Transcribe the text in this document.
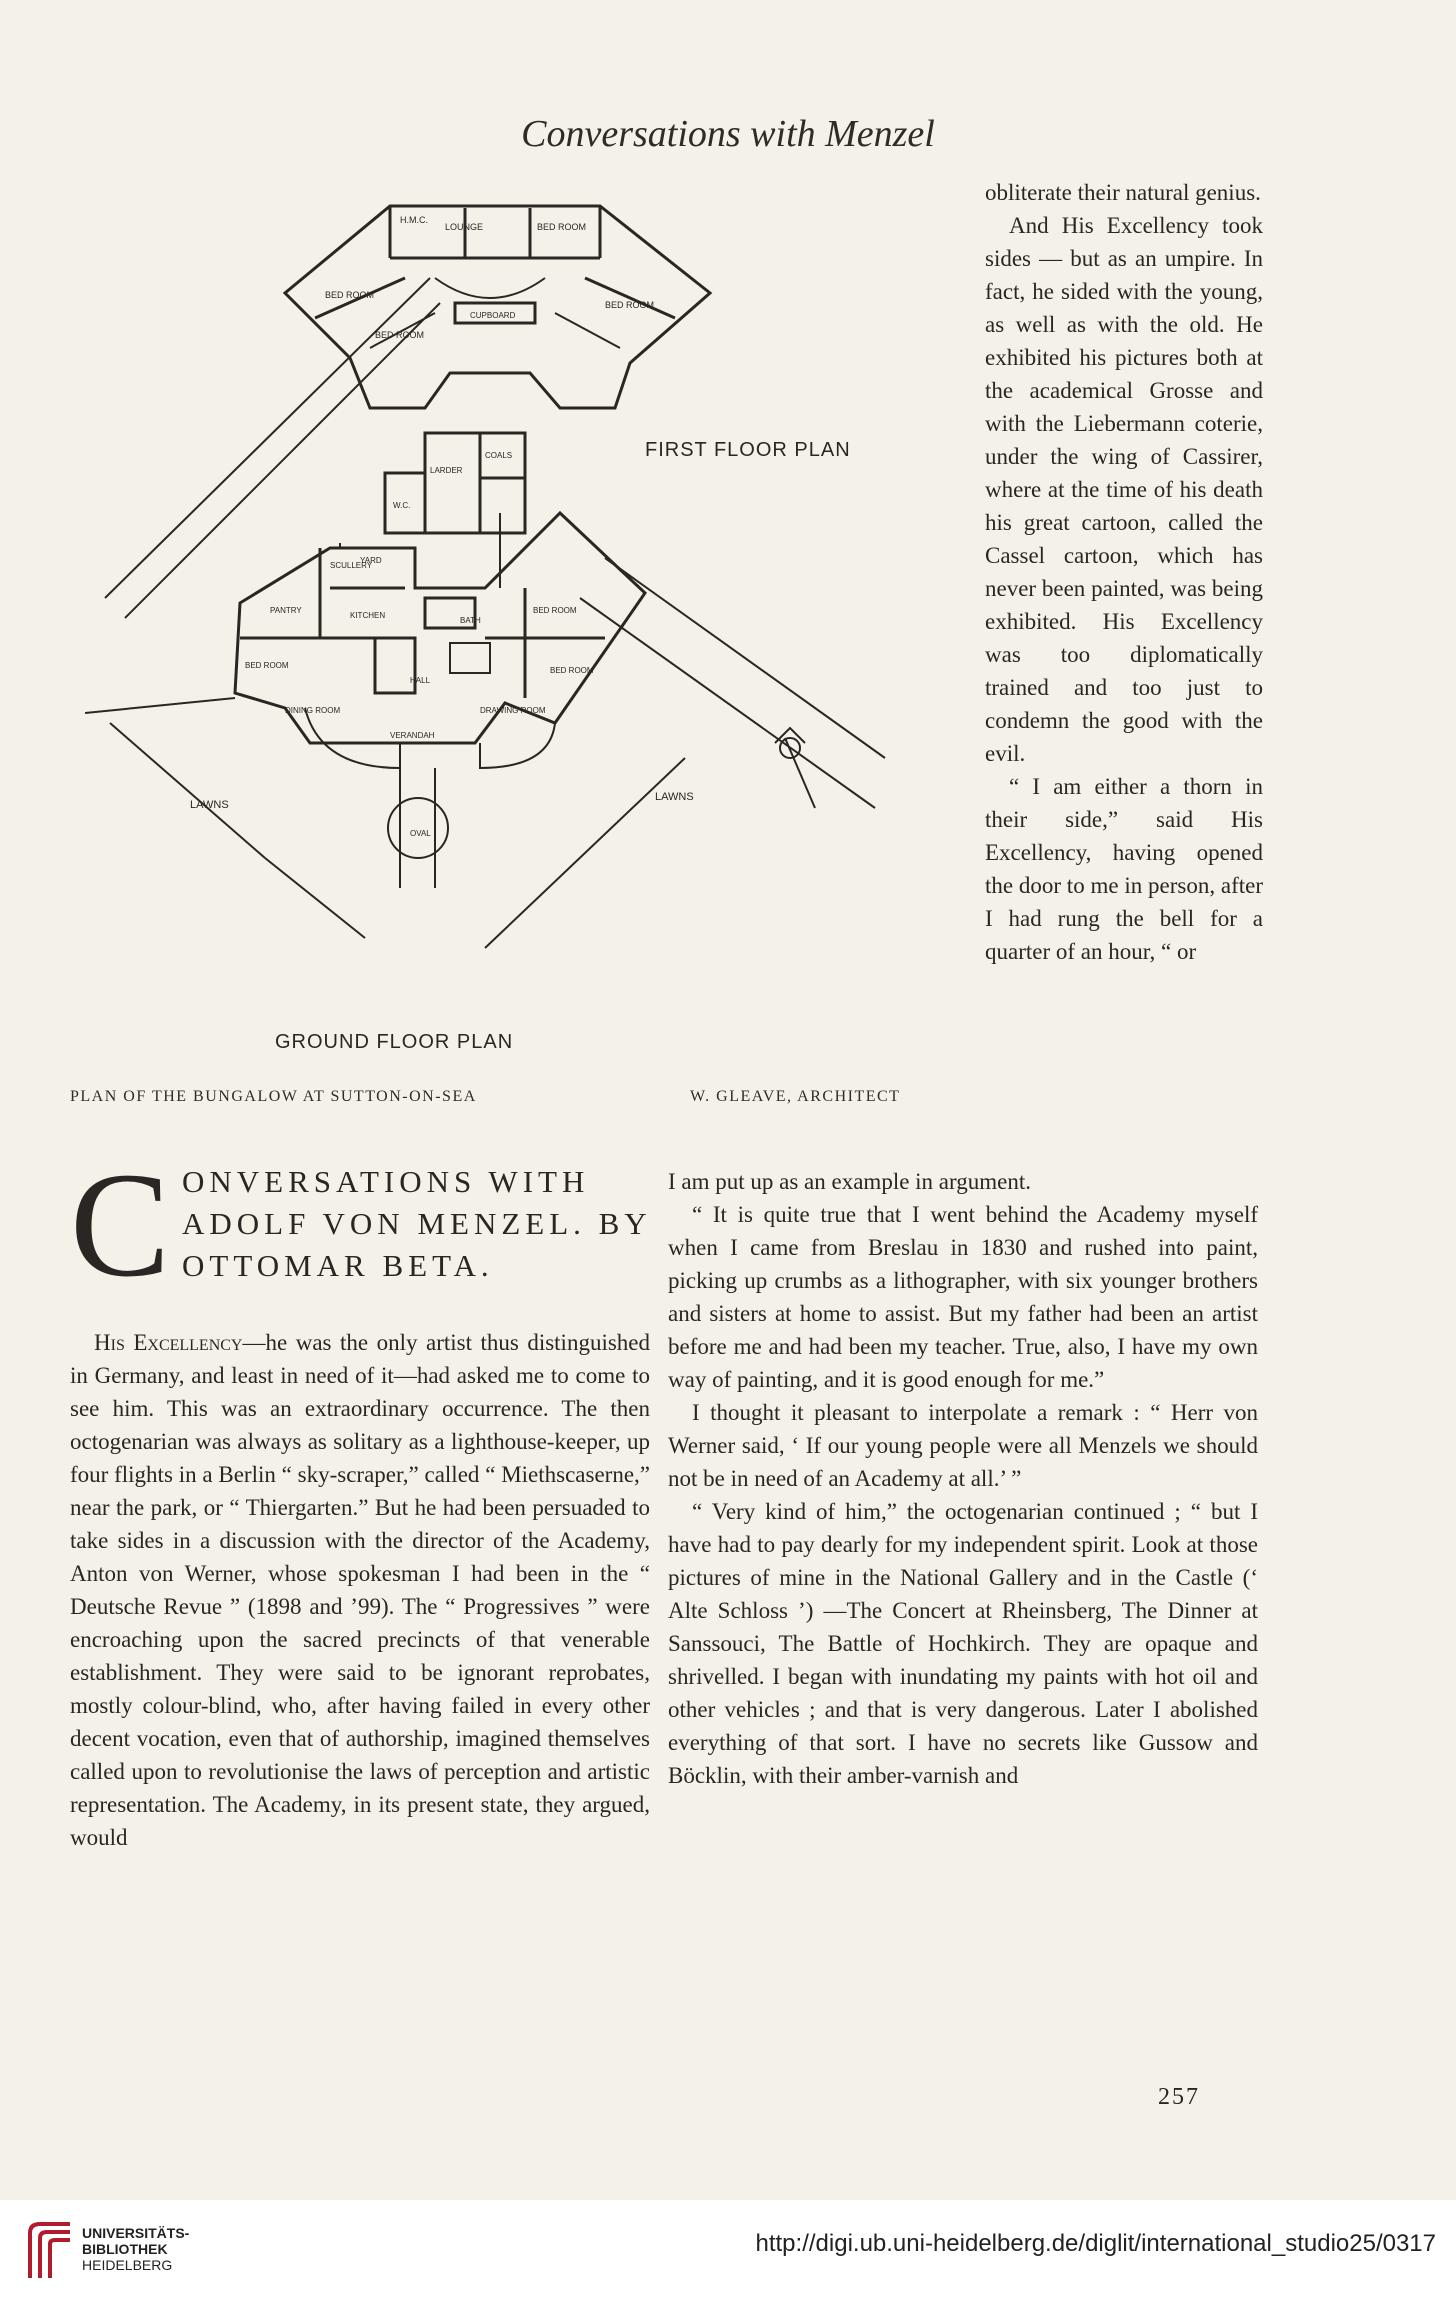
Conversations with Menzel
LOUNGE
H.M.C.
BED ROOM
BED ROOM
BED ROOM
BED ROOM
CUPBOARD
FIRST FLOOR PLAN
LARDER
COALS
W.C.
YARD
SCULLERY
PANTRY
KITCHEN
BATH
BED ROOM
BED ROOM
BED ROOM
HALL
DINING ROOM	DRAWING ROOM
VERANDAH
OVAL
LAWNS
LAWNS
GROUND FLOOR PLAN
PLAN OF THE BUNGALOW AT SUTTON-ON-SEA	W. GLEAVE, ARCHITECT

obliterate their natural genius.

And His Excellency took sides — but as an umpire. In fact, he sided with the young, as well as with the old. He exhibited his pictures both at the academical Grosse and with the Liebermann coterie, under the wing of Cassirer, where at the time of his death his great cartoon, called the Cassel cartoon, which has never been painted, was being exhibited. His Excellency was too diplomatically trained and too just to condemn the good with the evil.

“ I am either a thorn in their side,” said His Excellency, having opened the door to me in person, after I had rung the bell for a quarter of an hour, “ or

C ONVERSATIONS WITH
ADOLF VON MENZEL. BY
OTTOMAR BETA.

His Excellency—he was the only artist thus distinguished in Germany, and least in need of it—had asked me to come to see him. This was an extraordinary occurrence. The then octogenarian was always as solitary as a lighthouse-keeper, up four flights in a Berlin “ sky-scraper,” called “ Miethscaserne,” near the park, or “ Thiergarten.” But he had been persuaded to take sides in a discussion with the director of the Academy, Anton von Werner, whose spokesman I had been in the “ Deutsche Revue ” (1898 and ’99). The “ Progressives ” were encroaching upon the sacred precincts of that venerable establishment. They were said to be ignorant reprobates, mostly colour-blind, who, after having failed in every other decent vocation, even that of authorship, imagined themselves called upon to revolutionise the laws of perception and artistic representation. The Academy, in its present state, they argued, would

I am put up as an example in argument.

“ It is quite true that I went behind the Academy myself when I came from Breslau in 1830 and rushed into paint, picking up crumbs as a lithographer, with six younger brothers and sisters at home to assist. But my father had been an artist before me and had been my teacher. True, also, I have my own way of painting, and it is good enough for me.”

I thought it pleasant to interpolate a remark : “ Herr von Werner said, ‘ If our young people were all Menzels we should not be in need of an Academy at all.’ ”

“ Very kind of him,” the octogenarian continued ; “ but I have had to pay dearly for my independent spirit. Look at those pictures of mine in the National Gallery and in the Castle (‘ Alte Schloss ’) —The Concert at Rheinsberg, The Dinner at Sanssouci, The Battle of Hochkirch. They are opaque and shrivelled. I began with inundating my paints with hot oil and other vehicles ; and that is very dangerous. Later I abolished everything of that sort. I have no secrets like Gussow and Böcklin, with their amber-varnish and

257
UNIVERSITÄTS-
BIBLIOTHEK
HEIDELBERG
http://digi.ub.uni-heidelberg.de/diglit/international_studio25/0317
